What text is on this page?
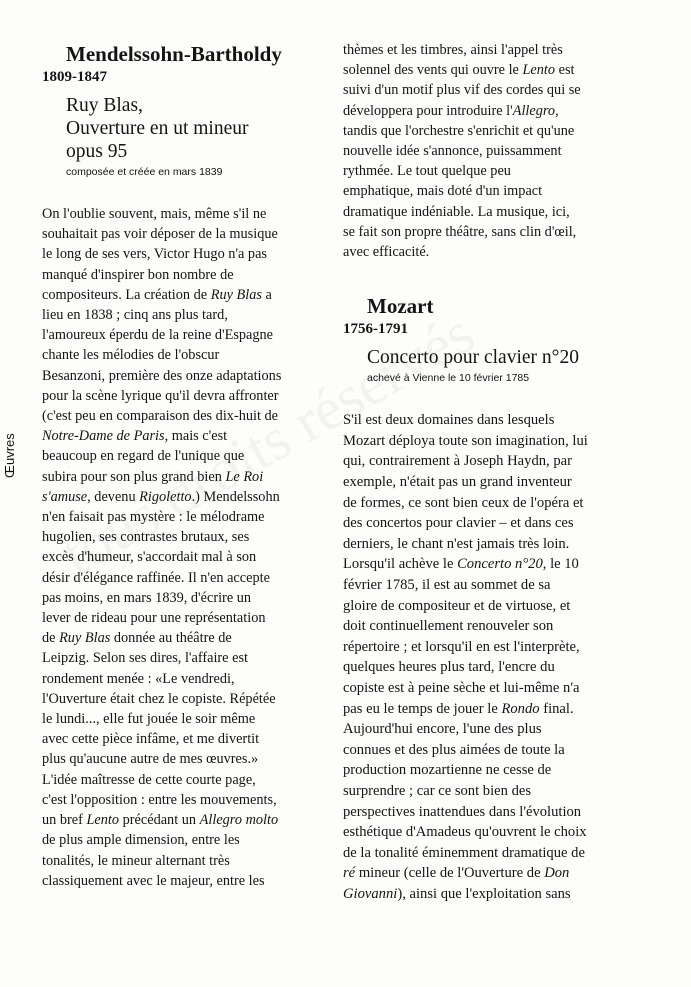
Œuvres
Mendelssohn-Bartholdy

1809-1847

Ruy Blas,
Ouverture en ut mineur
opus 95
composée et créée en mars 1839
On l'oublie souvent, mais, même s'il ne
souhaitait pas voir déposer de la musique
le long de ses vers, Victor Hugo n'a pas
manqué d'inspirer bon nombre de
compositeurs. La création de Ruy Blas a
lieu en 1838 ; cinq ans plus tard,
l'amoureux éperdu de la reine d'Espagne
chante les mélodies de l'obscur
Besanzoni, première des onze adaptations
pour la scène lyrique qu'il devra affronter
(c'est peu en comparaison des dix-huit de
Notre-Dame de Paris, mais c'est
beaucoup en regard de l'unique que
subira pour son plus grand bien Le Roi
s'amuse, devenu Rigoletto.) Mendelssohn
n'en faisait pas mystère : le mélodrame
hugolien, ses contrastes brutaux, ses
excès d'humeur, s'accordait mal à son
désir d'élégance raffinée. Il n'en accepte
pas moins, en mars 1839, d'écrire un
lever de rideau pour une représentation
de Ruy Blas donnée au théâtre de
Leipzig. Selon ses dires, l'affaire est
rondement menée : «Le vendredi,
l'Ouverture était chez le copiste. Répétée
le lundi..., elle fut jouée le soir même
avec cette pièce infâme, et me divertit
plus qu'aucune autre de mes œuvres.»
L'idée maîtresse de cette courte page,
c'est l'opposition : entre les mouvements,
un bref Lento précédant un Allegro molto
de plus ample dimension, entre les
tonalités, le mineur alternant très
classiquement avec le majeur, entre les
thèmes et les timbres, ainsi l'appel très
solennel des vents qui ouvre le Lento est
suivi d'un motif plus vif des cordes qui se
développera pour introduire l'Allegro,
tandis que l'orchestre s'enrichit et qu'une
nouvelle idée s'annonce, puissamment
rythmée. Le tout quelque peu
emphatique, mais doté d'un impact
dramatique indéniable. La musique, ici,
se fait son propre théâtre, sans clin d'œil,
avec efficacité.
Mozart

1756-1791

Concerto pour clavier n°20
achevé à Vienne le 10 février 1785
S'il est deux domaines dans lesquels
Mozart déploya toute son imagination, lui
qui, contrairement à Joseph Haydn, par
exemple, n'était pas un grand inventeur
de formes, ce sont bien ceux de l'opéra et
des concertos pour clavier – et dans ces
derniers, le chant n'est jamais très loin.
Lorsqu'il achève le Concerto n°20, le 10
février 1785, il est au sommet de sa
gloire de compositeur et de virtuose, et
doit continuellement renouveler son
répertoire ; et lorsqu'il en est l'interprète,
quelques heures plus tard, l'encre du
copiste est à peine sèche et lui-même n'a
pas eu le temps de jouer le Rondo final.
Aujourd'hui encore, l'une des plus
connues et des plus aimées de toute la
production mozartienne ne cesse de
surprendre ; car ce sont bien des
perspectives inattendues dans l'évolution
esthétique d'Amadeus qu'ouvrent le choix
de la tonalité éminemment dramatique de
ré mineur (celle de l'Ouverture de Don
Giovanni), ainsi que l'exploitation sans
